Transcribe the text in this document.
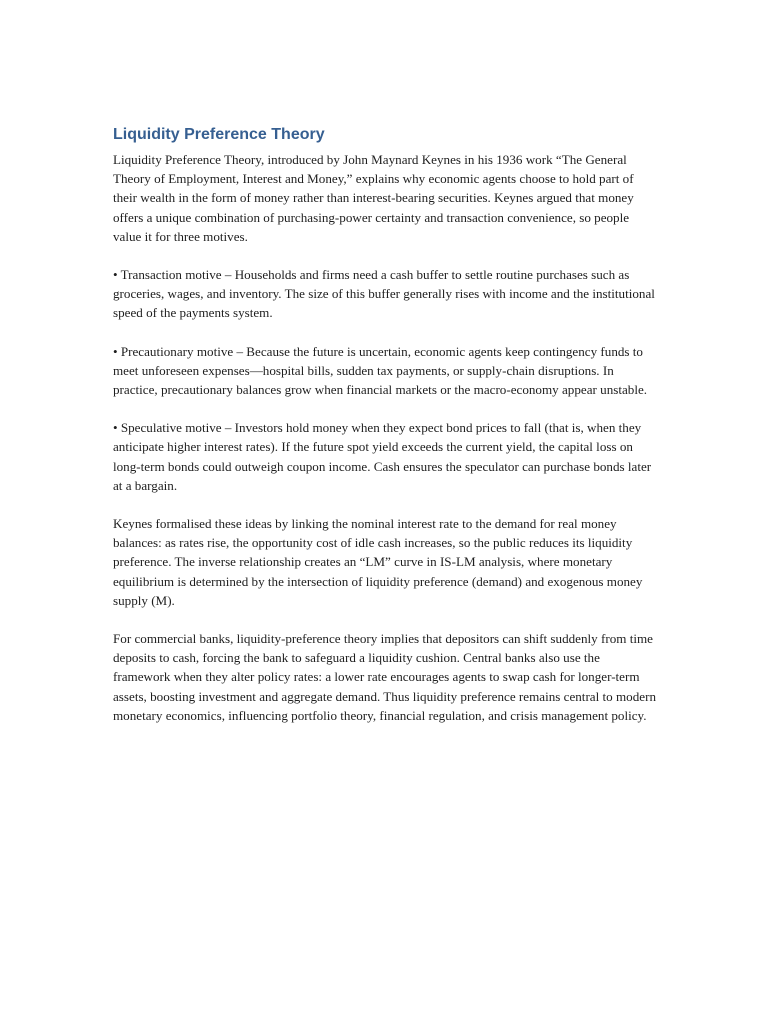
Liquidity Preference Theory

Liquidity Preference Theory, introduced by John Maynard Keynes in his 1936 work “The General Theory of Employment, Interest and Money,” explains why economic agents choose to hold part of their wealth in the form of money rather than interest-bearing securities. Keynes argued that money offers a unique combination of purchasing-power certainty and transaction convenience, so people value it for three motives.

• Transaction motive – Households and firms need a cash buffer to settle routine purchases such as groceries, wages, and inventory. The size of this buffer generally rises with income and the institutional speed of the payments system.

• Precautionary motive – Because the future is uncertain, economic agents keep contingency funds to meet unforeseen expenses—hospital bills, sudden tax payments, or supply-chain disruptions. In practice, precautionary balances grow when financial markets or the macro-economy appear unstable.

• Speculative motive – Investors hold money when they expect bond prices to fall (that is, when they anticipate higher interest rates). If the future spot yield exceeds the current yield, the capital loss on long-term bonds could outweigh coupon income. Cash ensures the speculator can purchase bonds later at a bargain.

Keynes formalised these ideas by linking the nominal interest rate to the demand for real money balances: as rates rise, the opportunity cost of idle cash increases, so the public reduces its liquidity preference. The inverse relationship creates an “LM” curve in IS-LM analysis, where monetary equilibrium is determined by the intersection of liquidity preference (demand) and exogenous money supply (M).

For commercial banks, liquidity-preference theory implies that depositors can shift suddenly from time deposits to cash, forcing the bank to safeguard a liquidity cushion. Central banks also use the framework when they alter policy rates: a lower rate encourages agents to swap cash for longer-term assets, boosting investment and aggregate demand. Thus liquidity preference remains central to modern monetary economics, influencing portfolio theory, financial regulation, and crisis management policy.
